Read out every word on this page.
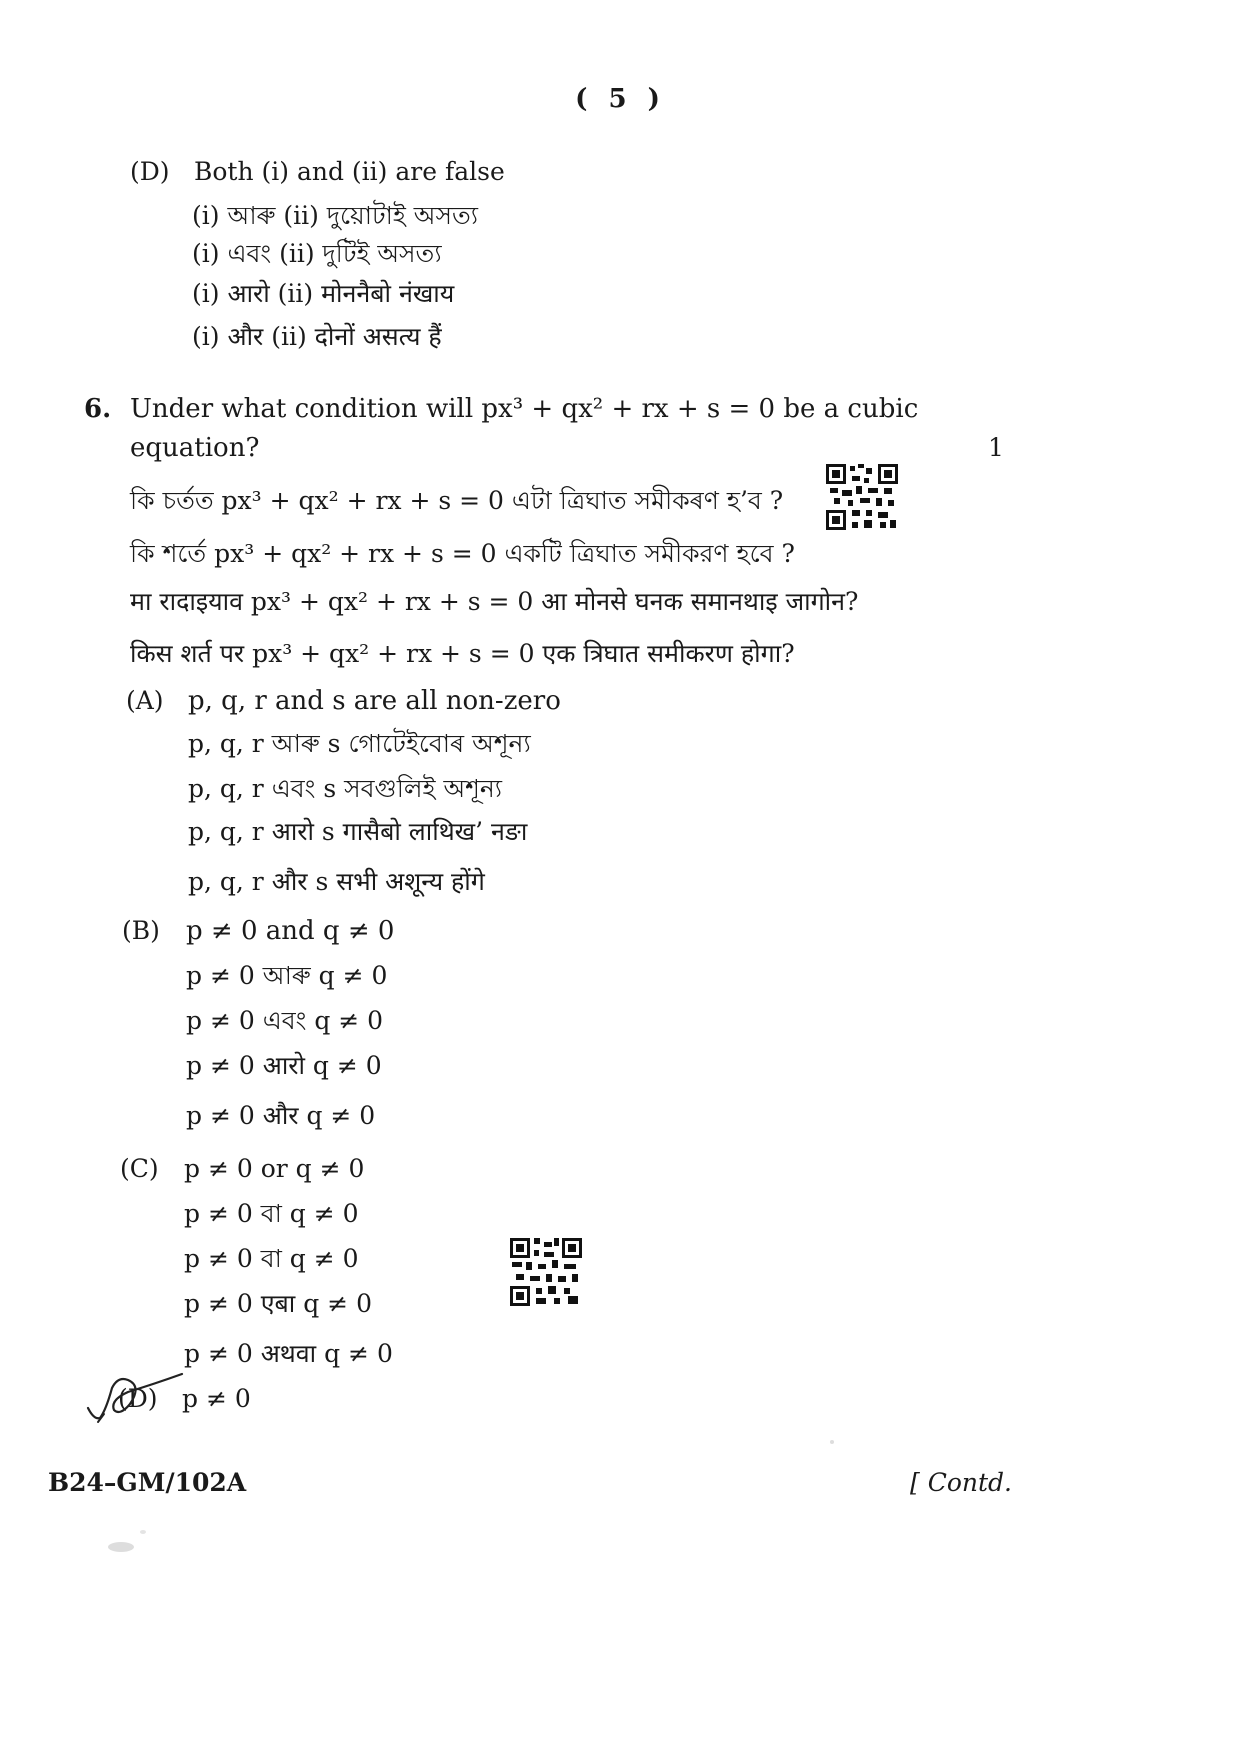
( 5 )
(D) Both (i) and (ii) are false
(i) আৰু (ii) দুয়োটাই অসত্য
(i) এবং (ii) দুটিই অসত্য
(i) आरो (ii) मोननैबो नंखाय
(i) और (ii) दोनों असत्य हैं
6. Under what condition will px³ + qx² + rx + s = 0 be a cubic
equation?	1
কি চৰ্তত px³ + qx² + rx + s = 0 এটা ত্ৰিঘাত সমীকৰণ হ’ব ?
কি শর্তে px³ + qx² + rx + s = 0 একটি ত্রিঘাত সমীকরণ হবে ?
मा रादाइयाव px³ + qx² + rx + s = 0 आ मोनसे घनक समानथाइ जागोन?
किस शर्त पर px³ + qx² + rx + s = 0 एक त्रिघात समीकरण होगा?
(A) p, q, r and s are all non-zero
p, q, r আৰু s গোটেইবোৰ অশূন্য
p, q, r এবং s সবগুলিই অশূন্য
p, q, r आरो s गासैबो लाथिख’ नङा
p, q, r और s सभी अशून्य होंगे
(B) p ≠ 0 and q ≠ 0
p ≠ 0 আৰু q ≠ 0
p ≠ 0 এবং q ≠ 0
p ≠ 0 आरो q ≠ 0
p ≠ 0 और q ≠ 0
(C) p ≠ 0 or q ≠ 0
p ≠ 0 বা q ≠ 0
p ≠ 0 বা q ≠ 0
p ≠ 0 एबा q ≠ 0
p ≠ 0 अथवा q ≠ 0
(D) p ≠ 0
B24–GM/102A	[ Contd.
